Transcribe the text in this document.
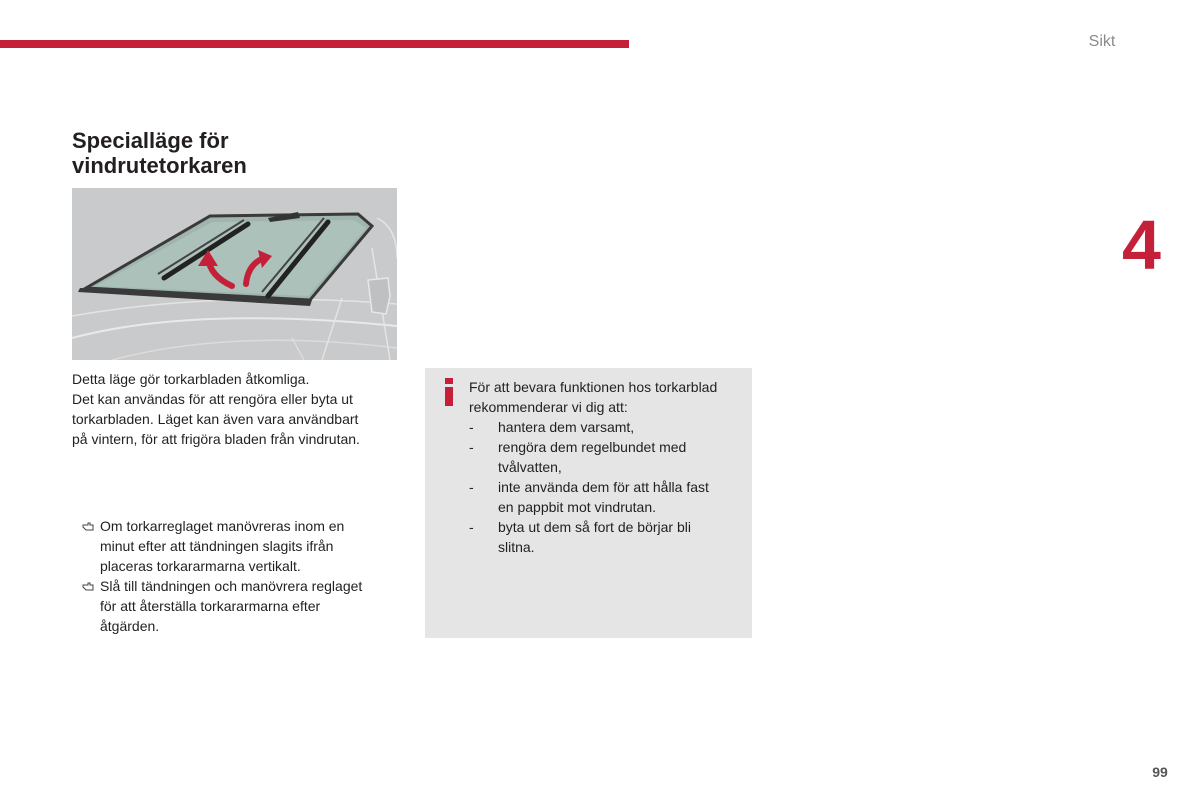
Sikt
4
Specialläge för
vindrutetorkaren
Detta läge gör torkarbladen åtkomliga.
Det kan användas för att rengöra eller byta ut
torkarbladen. Läget kan även vara användbart
på vintern, för att frigöra bladen från vindrutan.
Om torkarreglaget manövreras inom en
minut efter att tändningen slagits ifrån
placeras torkararmarna vertikalt.
Slå till tändningen och manövrera reglaget
för att återställa torkararmarna efter
åtgärden.
För att bevara funktionen hos torkarblad
rekommenderar vi dig att:
- hantera dem varsamt,
- rengöra dem regelbundet med
tvålvatten,
- inte använda dem för att hålla fast
en pappbit mot vindrutan.
- byta ut dem så fort de börjar bli
slitna.
99
